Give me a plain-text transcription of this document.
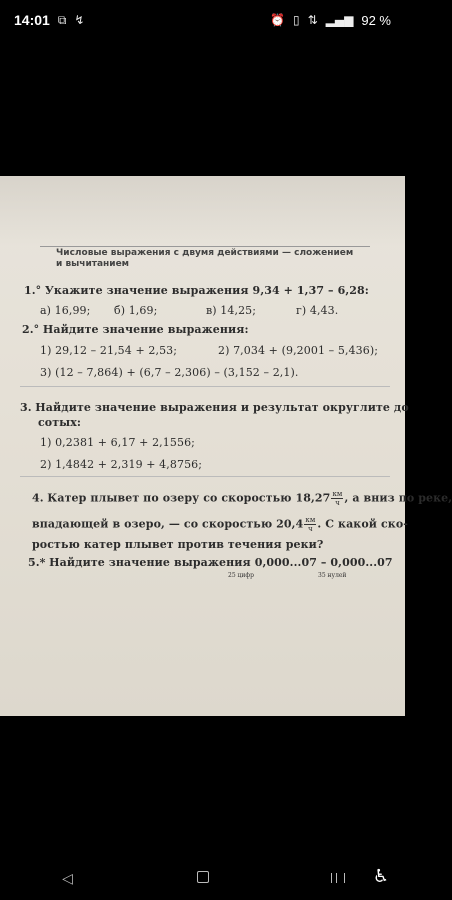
14:01 ⧉ ↯	⏰ ▯ ⇅ ▂▄▆ 92 %
Числовые выражения с двумя действиями — сложением
и вычитанием
1.° Укажите значение выражения 9,34 + 1,37 – 6,28:
а) 16,99; б) 1,69;	в) 14,25;	г) 4,43.
2.° Найдите значение выражения:
1) 29,12 – 21,54 + 2,53;	2) 7,034 + (9,2001 – 5,436);
3) (12 – 7,864) + (6,7 – 2,306) – (3,152 – 2,1).
3. Найдите значение выражения и результат округлите до
сотых:
1) 0,2381 + 6,17 + 2,1556;
2) 1,4842 + 2,319 + 4,8756;
4. Катер плывет по озеру со скоростью $18,27 \frac{км}{ч}$ , а вниз по реке,
впадающей в озеро, — со скоростью $20,4 \frac{км}{ч}$ . С какой ско-
ростью катер плывет против течения реки?
5.* Найдите значение выражения 0,000...07 – 0,000...07
25 цифр	35 нулей
◁	♿
